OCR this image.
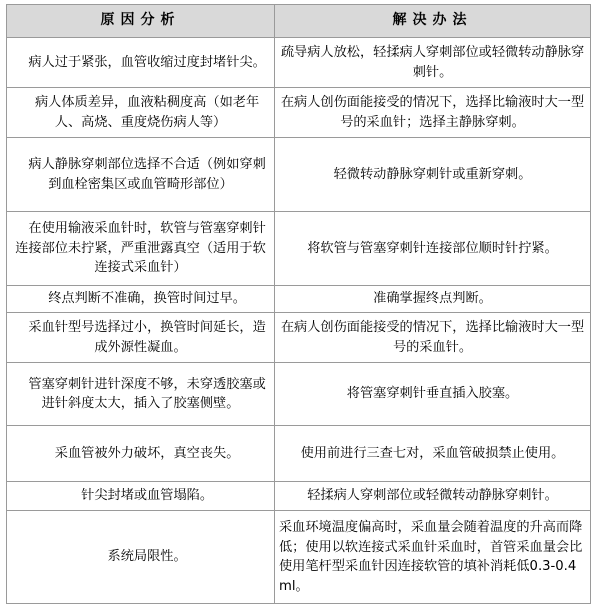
原因分析	解决办法
病人过于紧张，血管收缩过度封堵针尖。	疏导病人放松，轻揉病人穿刺部位或轻微转动静脉穿刺针。
病人体质差异，血液粘稠度高（如老年人、高烧、重度烧伤病人等）	在病人创伤面能接受的情况下，选择比输液时大一型号的采血针；选择主静脉穿刺。
病人静脉穿刺部位选择不合适（例如穿刺到血栓密集区或血管畸形部位）	轻微转动静脉穿刺针或重新穿刺。
在使用输液采血针时，软管与管塞穿刺针连接部位未拧紧，严重泄露真空（适用于软连接式采血针）	将软管与管塞穿刺针连接部位顺时针拧紧。
终点判断不准确，换管时间过早。	准确掌握终点判断。
采血针型号选择过小，换管时间延长，造成外源性凝血。	在病人创伤面能接受的情况下，选择比输液时大一型号的采血针。
管塞穿刺针进针深度不够，未穿透胶塞或进针斜度太大，插入了胶塞侧壁。	将管塞穿刺针垂直插入胶塞。
采血管被外力破坏，真空丧失。	使用前进行三查七对，采血管破损禁止使用。
针尖封堵或血管塌陷。	轻揉病人穿刺部位或轻微转动静脉穿刺针。
系统局限性。	采血环境温度偏高时，采血量会随着温度的升高而降低；使用以软连接式采血针采血时，首管采血量会比使用笔杆型采血针因连接软管的填补消耗低0.3-0.4ml。
